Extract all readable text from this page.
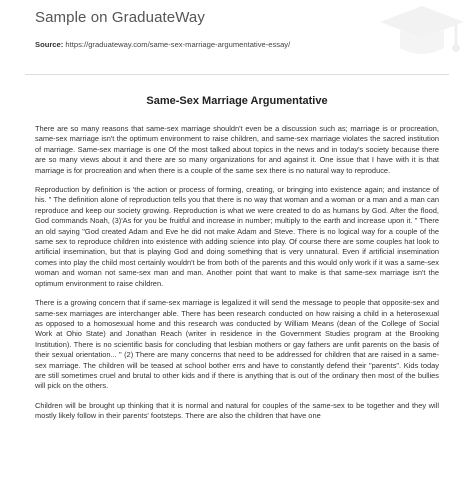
Sample on GraduateWay
Source: https://graduateway.com/same-sex-marriage-argumentative-essay/
Same-Sex Marriage Argumentative

There are so many reasons that same-sex marriage shouldn't even be a discussion such as; marriage is or procreation, same-sex marriage isn't the optimum environment to raise children, and same-sex marriage violates the sacred institution of marriage. Same-sex marriage is one Of the most talked about topics in the news and in today's society because there are so many views about it and there are so many organizations for and against it. One issue that I have with it is that marriage is for procreation and when there is a couple of the same sex there is no natural way to reproduce.

Reproduction by definition is 'the action or process of forming, creating, or bringing into existence again; and instance of his. " The definition alone of reproduction tells you that there is no way that woman and a woman or a man and a man can reproduce and keep our society growing. Reproduction is what we were created to do as humans by God. After the flood, God commands Noah, (3)'As for you be fruitful and increase in number; multiply to the earth and increase upon it. " There an old saying "God created Adam and Eve he did not make Adam and Steve. There is no logical way for a couple of the same sex to reproduce children into existence with adding science into play. Of course there are some couples hat look to artificial insemination, but that is playing God and doing something that is very unnatural. Even if artificial insemination comes into play the child most certainly wouldn't be from both of the parents and this would only work if it was a same-sex woman and woman not same-sex man and man. Another point that want to make is that same-sex marriage isn't the optimum environment to raise children.

There is a growing concern that if same-sex marriage is legalized it will send the message to people that opposite-sex and same-sex marriages are interchanger able. There has been research conducted on how raising a child in a heterosexual as opposed to a homosexual home and this research was conducted by William Means (dean of the College of Social Work at Ohio State) and Jonathan Reach (writer in residence in the Government Studies program at the Brooking Institution). There is no scientific basis for concluding that lesbian mothers or gay fathers are unfit parents on the basis of their sexual orientation... " (2) There are many concerns that need to be addressed for children that are raised in a same-sex marriage. The children will be teased at school bother errs and have to constantly defend their "parents". Kids today are still sometimes cruel and brutal to other kids and if there is anything that is out of the ordinary then most of the bullies will pick on the others.

Children will be brought up thinking that it is normal and natural for couples of the same-sex to be together and they will mostly likely follow in their parents' footsteps. There are also the children that have one
